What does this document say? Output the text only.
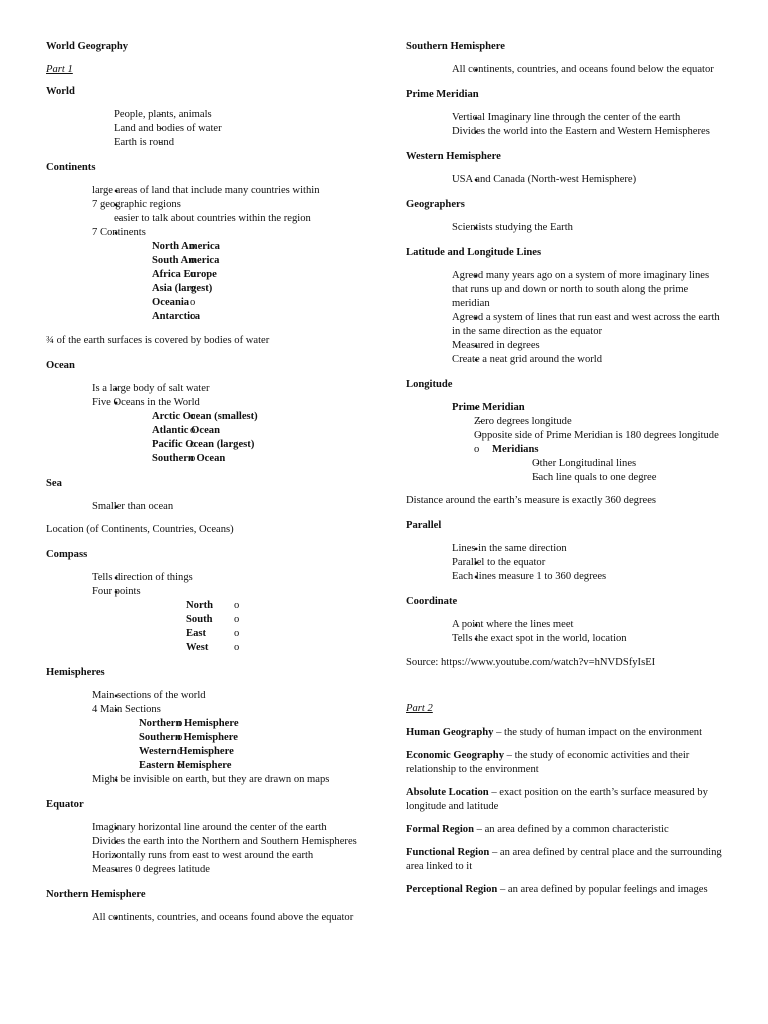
World Geography
Part 1
World
- People, plants, animals
- Land and bodies of water
- Earth is round
Continents
• large areas of land that include many countries within
• 7 geographic regions
- easier to talk about countries within the region
• 7 Continents
o North America
o South America
o Africa Europe
o Asia (largest)
o Oceania
o Antarctica
¾ of the earth surfaces is covered by bodies of water
Ocean
• Is a large body of salt water
• Five Oceans in the World
o Arctic Ocean (smallest)
o Atlantic Ocean
o Pacific Ocean (largest)
o Southern Ocean
Sea
• Smaller than ocean
Location (of Continents, Countries, Oceans)
Compass
• Tells direction of things
• Four points
o North
o South
o East
o West
Hemispheres
• Main sections of the world
• 4 Main Sections
o Northern Hemisphere
o Southern Hemisphere
o Western Hemisphere
o Eastern Hemisphere
• Might be invisible on earth, but they are drawn on maps
Equator
• Imaginary horizontal line around the center of the earth
• Divides the earth into the Northern and Southern Hemispheres
• Horizontally runs from east to west around the earth
• Measures 0 degrees latitude
Northern Hemisphere
• All continents, countries, and oceans found above the equator
Southern Hemisphere
• All continents, countries, and oceans found below the equator
Prime Meridian
• Vertical Imaginary line through the center of the earth
• Divides the world into the Eastern and Western Hemispheres
Western Hemisphere
• USA and Canada (North-west Hemisphere)
Geographers
• Scientists studying the Earth
Latitude and Longitude Lines
• Agreed many years ago on a system of more imaginary lines that runs up and down or north to south along the prime meridian
• Agreed a system of lines that run east and west across the earth in the same direction as the equator
• Measured in degrees
• Create a neat grid around the world
Longitude
• Prime Meridian
- Zero degrees longitude
- Opposite side of Prime Meridian is 180 degrees longitude
o Meridians
- Other Longitudinal lines
- Each line quals to one degree
Distance around the earth’s measure is exactly 360 degrees
Parallel
• Lines in the same direction
• Parallel to the equator
• Each lines measure 1 to 360 degrees
Coordinate
• A point where the lines meet
• Tells the exact spot in the world, location
Source: https://www.youtube.com/watch?v=hNVDSfyIsEI
Part 2
Human Geography – the study of human impact on the environment
Economic Geography – the study of economic activities and their relationship to the environment
Absolute Location – exact position on the earth’s surface measured by longitude and latitude
Formal Region – an area defined by a common characteristic
Functional Region – an area defined by central place and the surrounding area linked to it
Perceptional Region – an area defined by popular feelings and images
